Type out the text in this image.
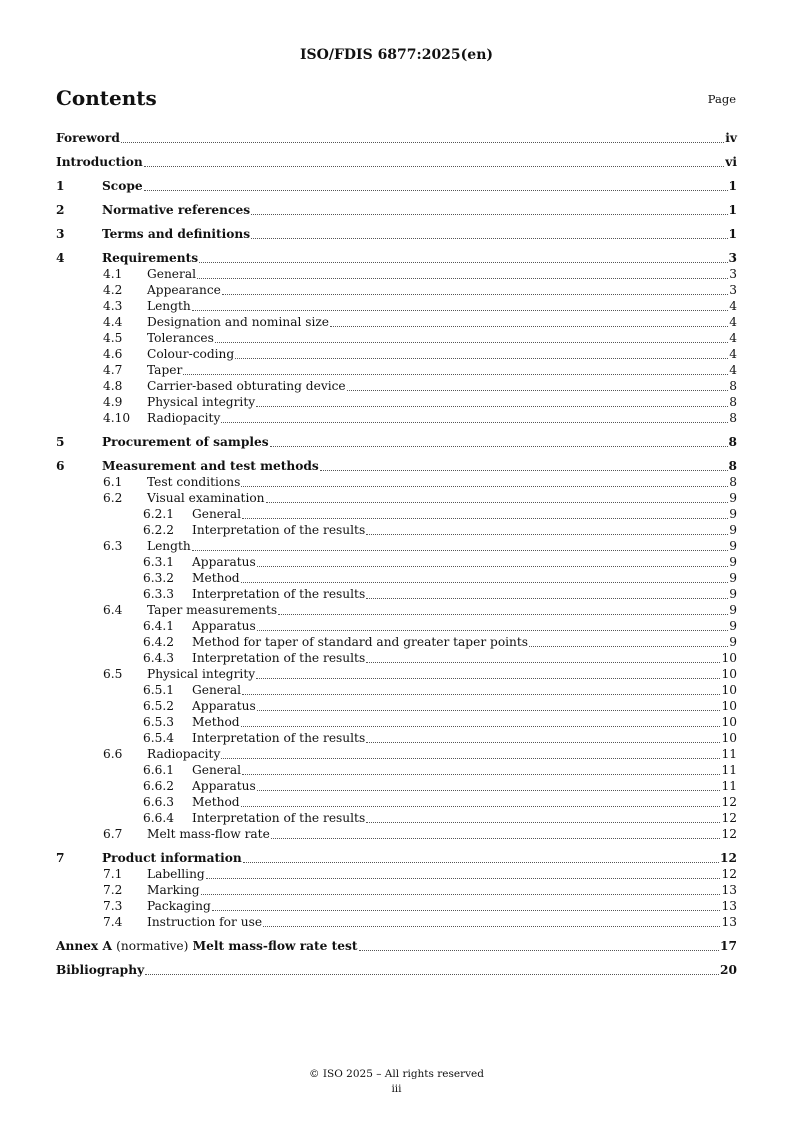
ISO/FDIS 6877:2025(en)
Contents	Page
Foreword	iv
Introduction	vi
1	Scope	1
2	Normative references	1
3	Terms and definitions	1
4	Requirements	3
4.1 General	3
4.2 Appearance	3
4.3 Length	4
4.4 Designation and nominal size	4
4.5 Tolerances	4
4.6 Colour-coding	4
4.7 Taper	4
4.8 Carrier-based obturating device	8
4.9 Physical integrity	8
4.10 Radiopacity	8
5	Procurement of samples	8
6	Measurement and test methods	8
6.1 Test conditions	8
6.2 Visual examination	9
6.2.1 General	9
6.2.2 Interpretation of the results	9
6.3 Length	9
6.3.1 Apparatus	9
6.3.2 Method	9
6.3.3 Interpretation of the results	9
6.4 Taper measurements	9
6.4.1 Apparatus	9
6.4.2 Method for taper of standard and greater taper points	9
6.4.3 Interpretation of the results	10
6.5 Physical integrity	10
6.5.1 General	10
6.5.2 Apparatus	10
6.5.3 Method	10
6.5.4 Interpretation of the results	10
6.6 Radiopacity	11
6.6.1 General	11
6.6.2 Apparatus	11
6.6.3 Method	12
6.6.4 Interpretation of the results	12
6.7 Melt mass-flow rate	12
7	Product information	12
7.1 Labelling	12
7.2 Marking	13
7.3 Packaging	13
7.4 Instruction for use	13
Annex A (normative) Melt mass-flow rate test	17
Bibliography	20
© ISO 2025 – All rights reserved
iii
